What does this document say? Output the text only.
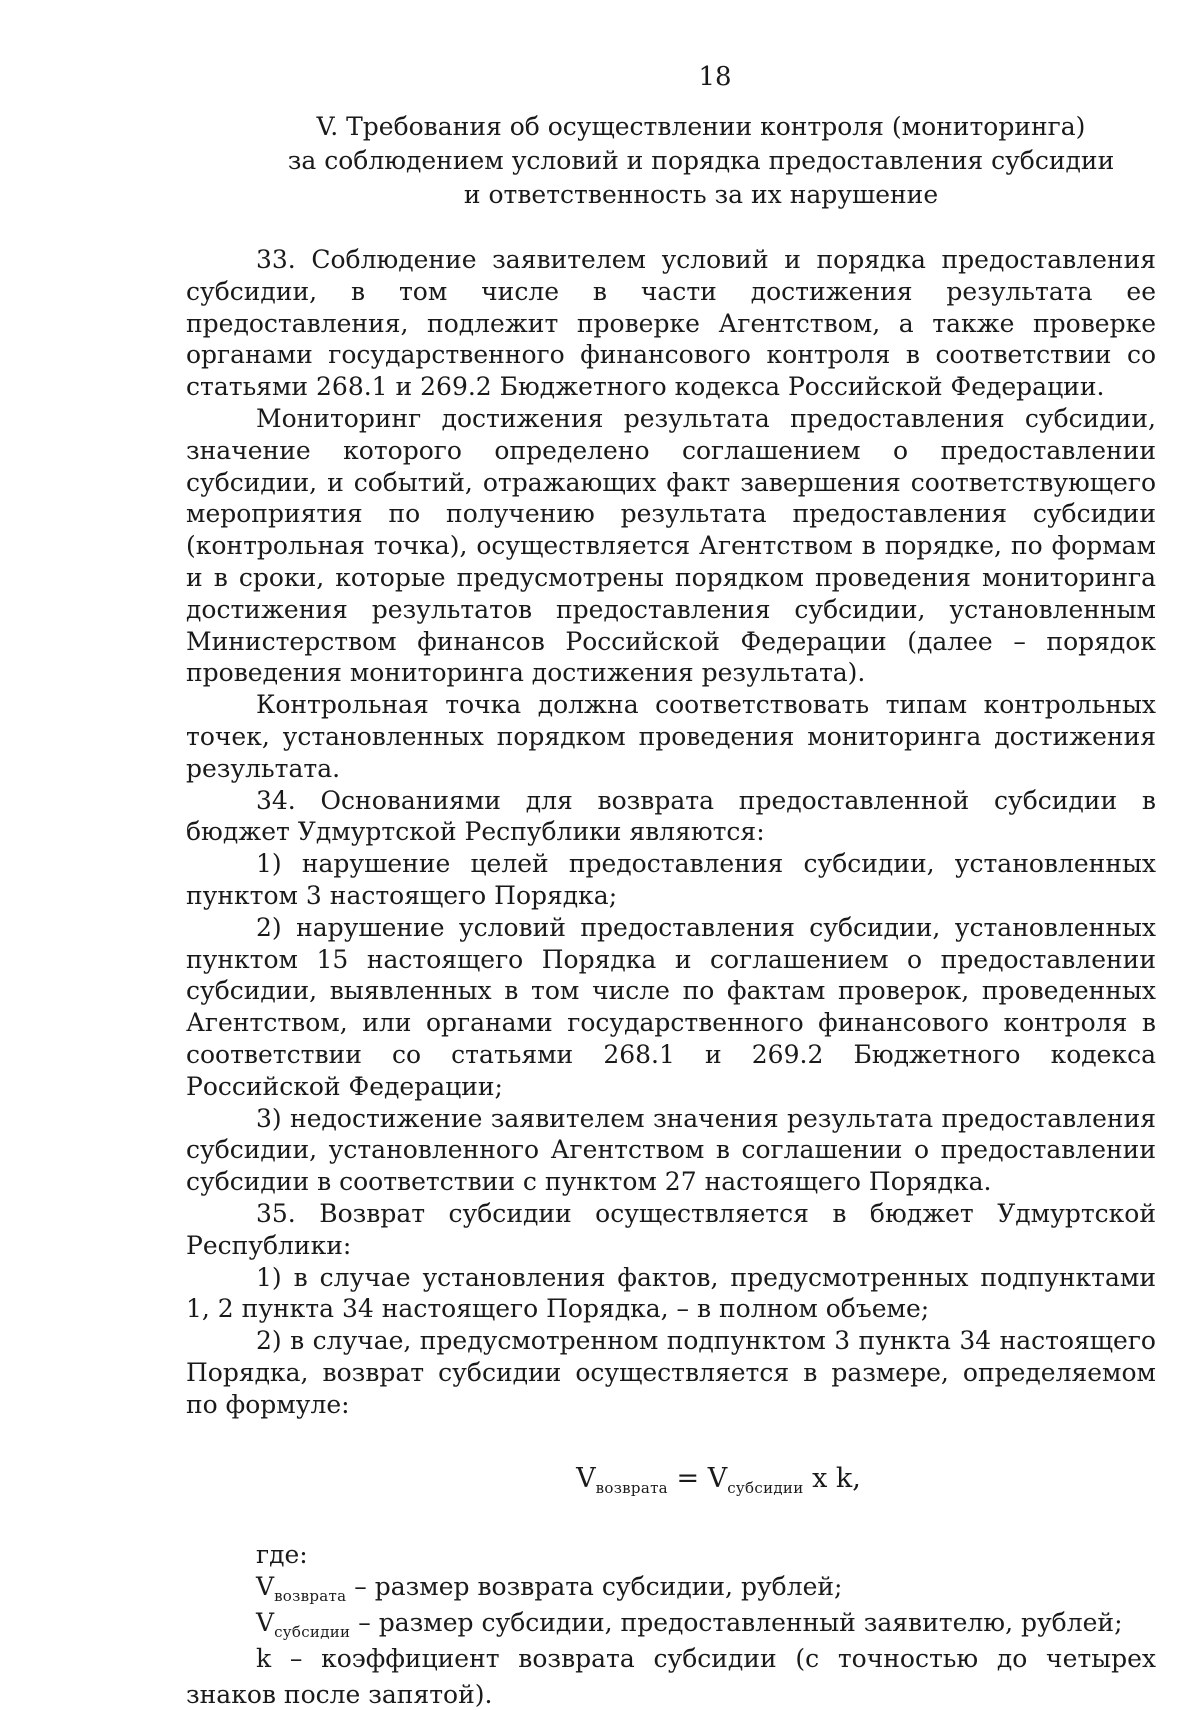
18
V. Требования об осуществлении контроля (мониторинга)
за соблюдением условий и порядка предоставления субсидии
и ответственность за их нарушение

33. Соблюдение заявителем условий и порядка предоставления субсидии, в том числе в части достижения результата ее предоставления, подлежит проверке Агентством, а также проверке органами государственного финансового контроля в соответствии со статьями 268.1 и 269.2 Бюджетного кодекса Российской Федерации.

Мониторинг достижения результата предоставления субсидии, значение которого определено соглашением о предоставлении субсидии, и событий, отражающих факт завершения соответствующего мероприятия по получению результата предоставления субсидии (контрольная точка), осуществляется Агентством в порядке, по формам и в сроки, которые предусмотрены порядком проведения мониторинга достижения результатов предоставления субсидии, установленным Министерством финансов Российской Федерации (далее – порядок проведения мониторинга достижения результата).

Контрольная точка должна соответствовать типам контрольных точек, установленных порядком проведения мониторинга достижения результата.

34. Основаниями для возврата предоставленной субсидии в бюджет Удмуртской Республики являются:

1) нарушение целей предоставления субсидии, установленных пунктом 3 настоящего Порядка;

2) нарушение условий предоставления субсидии, установленных пунктом 15 настоящего Порядка и соглашением о предоставлении субсидии, выявленных в том числе по фактам проверок, проведенных Агентством, или органами государственного финансового контроля в соответствии со статьями 268.1 и 269.2 Бюджетного кодекса Российской Федерации;

3) недостижение заявителем значения результата предоставления субсидии, установленного Агентством в соглашении о предоставлении субсидии в соответствии с пунктом 27 настоящего Порядка.

35. Возврат субсидии осуществляется в бюджет Удмуртской Республики:

1) в случае установления фактов, предусмотренных подпунктами 1, 2 пункта 34 настоящего Порядка, – в полном объеме;

2) в случае, предусмотренном подпунктом 3 пункта 34 настоящего Порядка, возврат субсидии осуществляется в размере, определяемом по формуле:

$V_{возврата} = V_{субсидии}$ x k,

где:

$V_{возврата}$ – размер возврата субсидии, рублей;

$V_{субсидии}$ – размер субсидии, предоставленный заявителю, рублей;

k – коэффициент возврата субсидии (с точностью до четырех знаков после запятой).
